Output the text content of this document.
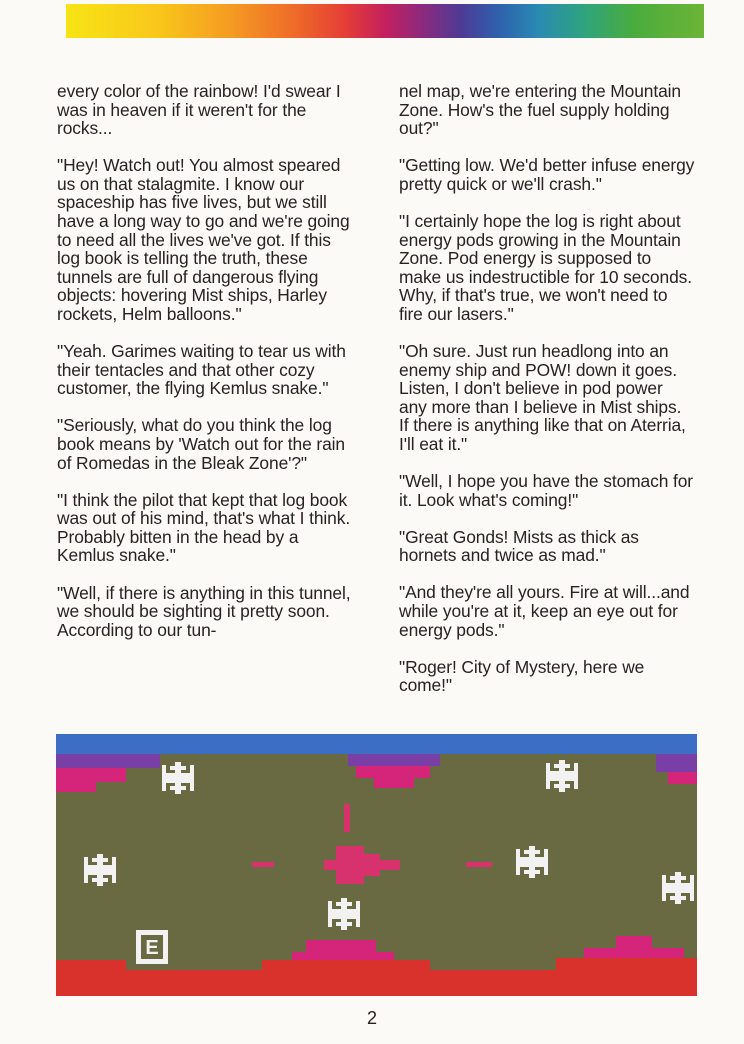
every color of the rainbow! I'd swear I was in heaven if it weren't for the rocks...

"Hey! Watch out! You almost speared us on that stalagmite. I know our spaceship has five lives, but we still have a long way to go and we're going to need all the lives we've got. If this log book is telling the truth, these tunnels are full of dangerous flying objects: hovering Mist ships, Harley rockets, Helm balloons."

"Yeah. Garimes waiting to tear us with their tentacles and that other cozy customer, the flying Kemlus snake."

"Seriously, what do you think the log book means by 'Watch out for the rain of Romedas in the Bleak Zone'?"

"I think the pilot that kept that log book was out of his mind, that's what I think. Probably bitten in the head by a Kemlus snake."

"Well, if there is anything in this tunnel, we should be sighting it pretty soon. According to our tun-

nel map, we're entering the Mountain Zone. How's the fuel supply holding out?"

"Getting low. We'd better infuse energy pretty quick or we'll crash."

"I certainly hope the log is right about energy pods growing in the Mountain Zone. Pod energy is supposed to make us indestructible for 10 seconds. Why, if that's true, we won't need to fire our lasers."

"Oh sure. Just run headlong into an enemy ship and POW! down it goes. Listen, I don't believe in pod power any more than I believe in Mist ships. If there is anything like that on Aterria, I'll eat it."

"Well, I hope you have the stomach for it. Look what's coming!"

"Great Gonds! Mists as thick as hornets and twice as mad."

"And they're all yours. Fire at will...and while you're at it, keep an eye out for energy pods."

"Roger! City of Mystery, here we come!"

E
2
